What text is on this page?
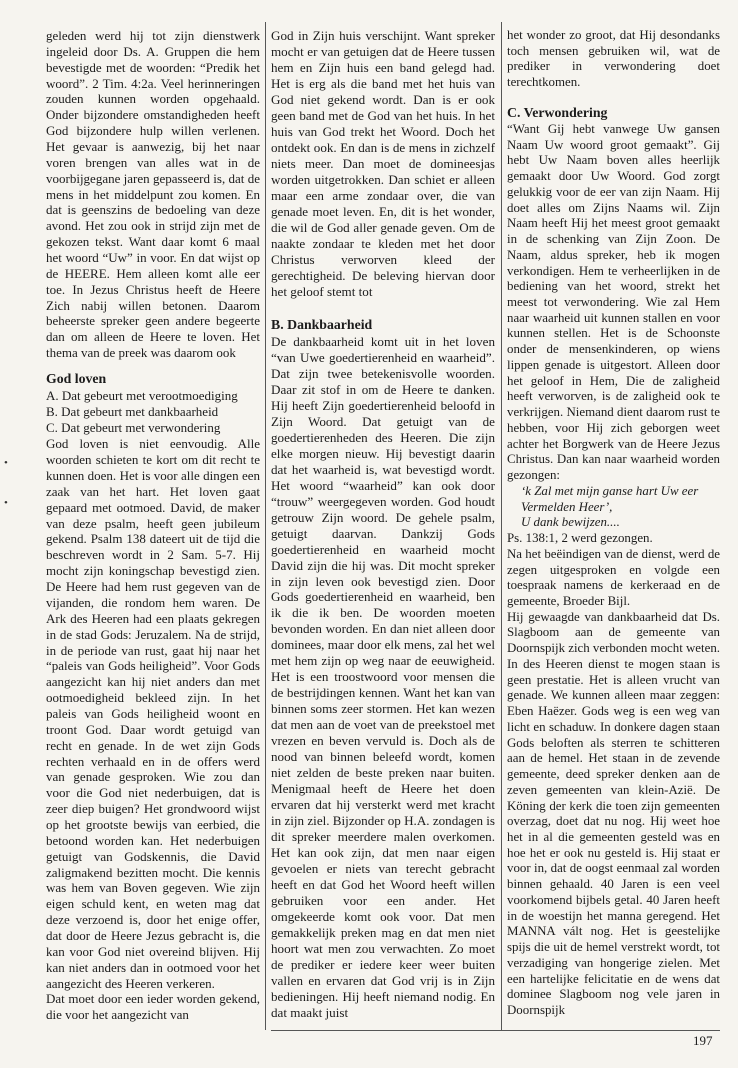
•
•

geleden werd hij tot zijn dienstwerk ingeleid door Ds. A. Gruppen die hem bevestigde met de woorden: “Predik het woord”. 2 Tim. 4:2a. Veel herinneringen zouden kunnen worden opgehaald. Onder bijzondere omstandigheden heeft God bijzondere hulp willen verlenen. Het gevaar is aanwezig, bij het naar voren brengen van alles wat in de voorbijgegane jaren gepasseerd is, dat de mens in het middelpunt zou komen. En dat is geenszins de bedoeling van deze avond. Het zou ook in strijd zijn met de gekozen tekst. Want daar komt 6 maal het woord “Uw” in voor. En dat wijst op de HEERE. Hem alleen komt alle eer toe. In Jezus Christus heeft de Heere Zich nabij willen betonen. Daarom beheerste spreker geen andere begeerte dan om alleen de Heere te loven. Het thema van de preek was daarom ook

God loven
A. Dat gebeurt met verootmoediging
B. Dat gebeurt met dankbaarheid
C. Dat gebeurt met verwondering

God loven is niet eenvoudig. Alle woorden schieten te kort om dit recht te kunnen doen. Het is voor alle dingen een zaak van het hart. Het loven gaat gepaard met ootmoed. David, de maker van deze psalm, heeft geen jubileum gekend. Psalm 138 dateert uit de tijd die beschreven wordt in 2 Sam. 5-7. Hij mocht zijn koningschap bevestigd zien. De Heere had hem rust gegeven van de vijanden, die rondom hem waren. De Ark des Heeren had een plaats gekregen in de stad Gods: Jeruzalem. Na de strijd, in de periode van rust, gaat hij naar het “paleis van Gods heiligheid”. Voor Gods aangezicht kan hij niet anders dan met ootmoedigheid bekleed zijn. In het paleis van Gods heiligheid woont en troont God. Daar wordt getuigd van recht en genade. In de wet zijn Gods rechten verhaald en in de offers werd van genade gesproken. Wie zou dan voor die God niet nederbuigen, dat is zeer diep buigen? Het grondwoord wijst op het grootste bewijs van eerbied, die betoond worden kan. Het nederbuigen getuigt van Godskennis, die David zaligmakend bezitten mocht. Die kennis was hem van Boven gegeven. Wie zijn eigen schuld kent, en weten mag dat deze verzoend is, door het enige offer, dat door de Heere Jezus gebracht is, die kan voor God niet overeind blijven. Hij kan niet anders dan in ootmoed voor het aangezicht des Heeren verkeren.

Dat moet door een ieder worden gekend, die voor het aangezicht van

God in Zijn huis verschijnt. Want spreker mocht er van getuigen dat de Heere tussen hem en Zijn huis een band gelegd had. Het is erg als die band met het huis van God niet gekend wordt. Dan is er ook geen band met de God van het huis. In het huis van God trekt het Woord. Doch het ontdekt ook. En dan is de mens in zichzelf niets meer. Dan moet de domineesjas worden uitgetrokken. Dan schiet er alleen maar een arme zondaar over, die van genade moet leven. En, dit is het wonder, die wil de God aller genade geven. Om de naakte zondaar te kleden met het door Christus verworven kleed der gerechtigheid. De beleving hiervan door het geloof stemt tot

B. Dankbaarheid

De dankbaarheid komt uit in het loven “van Uwe goedertierenheid en waarheid”. Dat zijn twee betekenisvolle woorden. Daar zit stof in om de Heere te danken. Hij heeft Zijn goedertierenheid beloofd in Zijn Woord. Dat getuigt van de goedertierenheden des Heeren. Die zijn elke morgen nieuw. Hij bevestigt daarin dat het waarheid is, wat bevestigd wordt. Het woord “waarheid” kan ook door “trouw” weergegeven worden. God houdt getrouw Zijn woord. De gehele psalm, getuigt daarvan. Dankzij Gods goedertierenheid en waarheid mocht David zijn die hij was. Dit mocht spreker in zijn leven ook bevestigd zien. Door Gods goedertierenheid en waarheid, ben ik die ik ben. De woorden moeten bevonden worden. En dan niet alleen door dominees, maar door elk mens, zal het wel met hem zijn op weg naar de eeuwigheid. Het is een troostwoord voor mensen die de bestrijdingen kennen. Want het kan van binnen soms zeer stormen. Het kan wezen dat men aan de voet van de preekstoel met vrezen en beven vervuld is. Doch als de nood van binnen beleefd wordt, komen niet zelden de beste preken naar buiten. Menigmaal heeft de Heere het doen ervaren dat hij versterkt werd met kracht in zijn ziel. Bijzonder op H.A. zondagen is dit spreker meerdere malen overkomen. Het kan ook zijn, dat men naar eigen gevoelen er niets van terecht gebracht heeft en dat God het Woord heeft willen gebruiken voor een ander. Het omgekeerde komt ook voor. Dat men gemakkelijk preken mag en dat men niet hoort wat men zou verwachten. Zo moet de prediker er iedere keer weer buiten vallen en ervaren dat God vrij is in Zijn bedieningen. Hij heeft niemand nodig. En dat maakt juist

het wonder zo groot, dat Hij desondanks toch mensen gebruiken wil, wat de prediker in verwondering doet terechtkomen.

C. Verwondering

“Want Gij hebt vanwege Uw gansen Naam Uw woord groot gemaakt”. Gij hebt Uw Naam boven alles heerlijk gemaakt door Uw Woord. God zorgt gelukkig voor de eer van zijn Naam. Hij doet alles om Zijns Naams wil. Zijn Naam heeft Hij het meest groot gemaakt in de schenking van Zijn Zoon. De Naam, aldus spreker, heb ik mogen verkondigen. Hem te verheerlijken in de bediening van het woord, strekt het meest tot verwondering. Wie zal Hem naar waarheid uit kunnen stallen en voor kunnen stellen. Het is de Schoonste onder de mensenkinderen, op wiens lippen genade is uitgestort. Alleen door het geloof in Hem, Die de zaligheid heeft verworven, is de zaligheid ook te verkrijgen. Niemand dient daarom rust te hebben, voor Hij zich geborgen weet achter het Borgwerk van de Heere Jezus Christus. Dan kan naar waarheid worden gezongen:

‘k Zal met mijn ganse hart Uw eer
Vermelden Heer’,
U dank bewijzen....

Ps. 138:1, 2 werd gezongen.

Na het beëindigen van de dienst, werd de zegen uitgesproken en volgde een toespraak namens de kerkeraad en de gemeente, Broeder Bijl.

Hij gewaagde van dankbaarheid dat Ds. Slagboom aan de gemeente van Doornspijk zich verbonden mocht weten. In des Heeren dienst te mogen staan is geen prestatie. Het is alleen vrucht van genade. We kunnen alleen maar zeggen: Eben Haëzer. Gods weg is een weg van licht en schaduw. In donkere dagen staan Gods beloften als sterren te schitteren aan de hemel. Het staan in de zevende gemeente, deed spreker denken aan de zeven gemeenten van klein-Azië. De Köning der kerk die toen zijn gemeenten overzag, doet dat nu nog. Hij weet hoe het in al die gemeenten gesteld was en hoe het er ook nu gesteld is. Hij staat er voor in, dat de oogst eenmaal zal worden binnen gehaald. 40 Jaren is een veel voorkomend bijbels getal. 40 Jaren heeft in de woestijn het manna geregend. Het MANNA vált nog. Het is geestelijke spijs die uit de hemel verstrekt wordt, tot verzadiging van hongerige zielen. Met een hartelijke felicitatie en de wens dat dominee Slagboom nog vele jaren in Doornspijk

197
